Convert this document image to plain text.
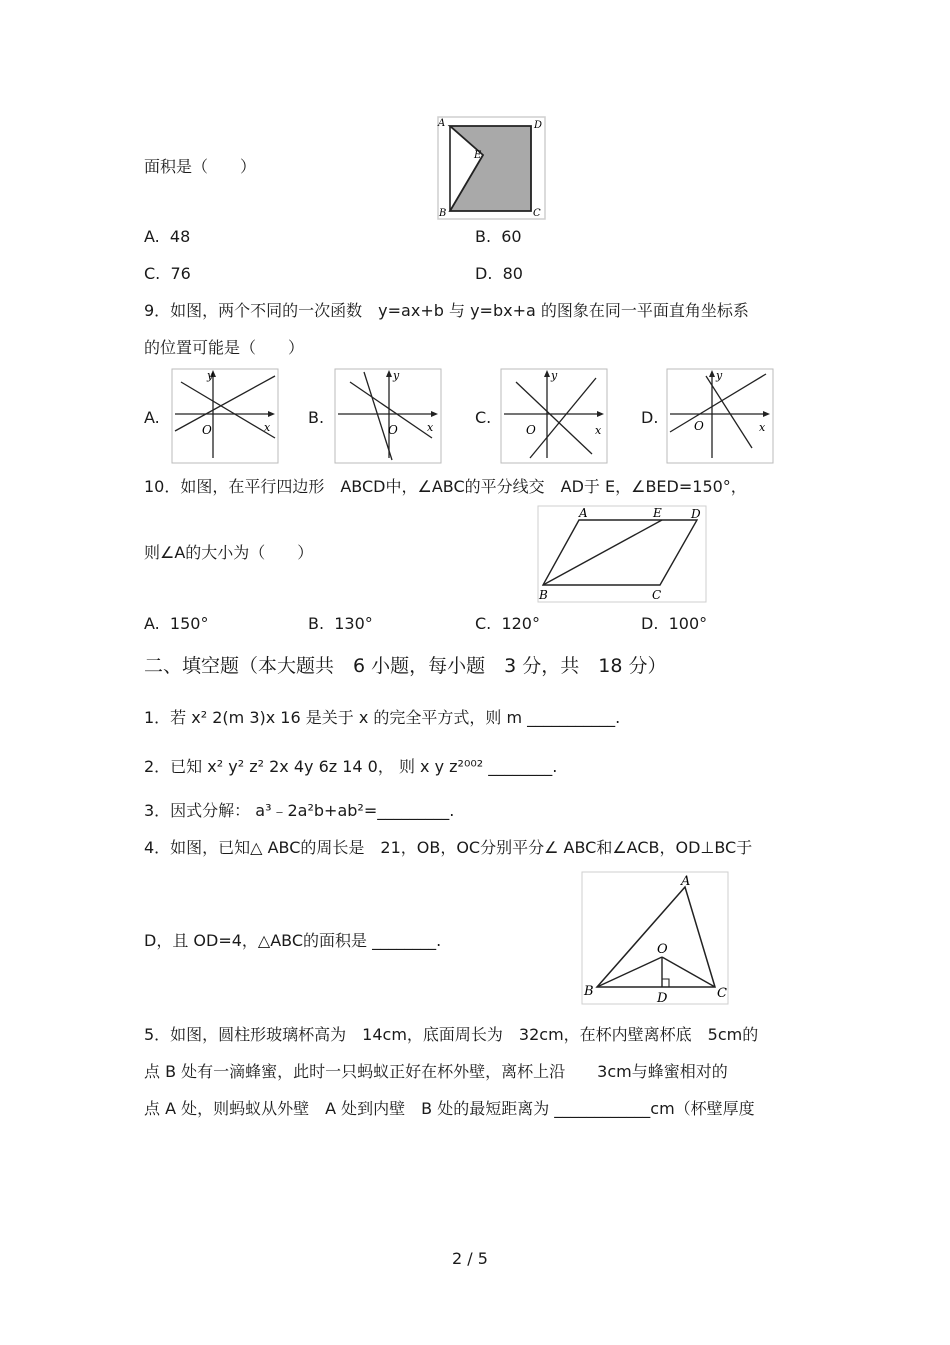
面积是（　　）
A	D
E
B	C
A. 48	B. 60
C. 76	D. 80
9．如图，两个不同的一次函数　y=ax+b 与 y=bx+a 的图象在同一平面直角坐标系
的位置可能是（　　）
A.
y
x
O
B.
y
x
O
C.
y
x
O
D.
y
x
O
10．如图，在平行四边形　ABCD中，∠ABC的平分线交　AD于 E，∠BED=150°，
则∠A的大小为（　　）
A	E D
B	C
A. 150°	B. 130°	C. 120°	D. 100°
二、填空题（本大题共　6 小题，每小题　3 分，共　18 分）
1．若 x² 2(m 3)x 16 是关于 x 的完全平方式，则 m ___________.
2．已知 x² y² z² 2x 4y 6z 14 0， 则 x y z²⁰⁰² ________.
3．因式分解： a³﹣2a²b+ab²=_________.
4．如图，已知△ ABC的周长是　21，OB，OC分别平分∠ ABC和∠ACB，OD⊥BC于
D，且 OD=4，△ABC的面积是 ________.
A
O
B	D	C
5．如图，圆柱形玻璃杯高为　14cm，底面周长为　32cm，在杯内壁离杯底　5cm的
点 B 处有一滴蜂蜜，此时一只蚂蚁正好在杯外壁，离杯上沿　　3cm与蜂蜜相对的
点 A 处，则蚂蚁从外壁　A 处到内壁　B 处的最短距离为 ____________cm（杯壁厚度
2 / 5
